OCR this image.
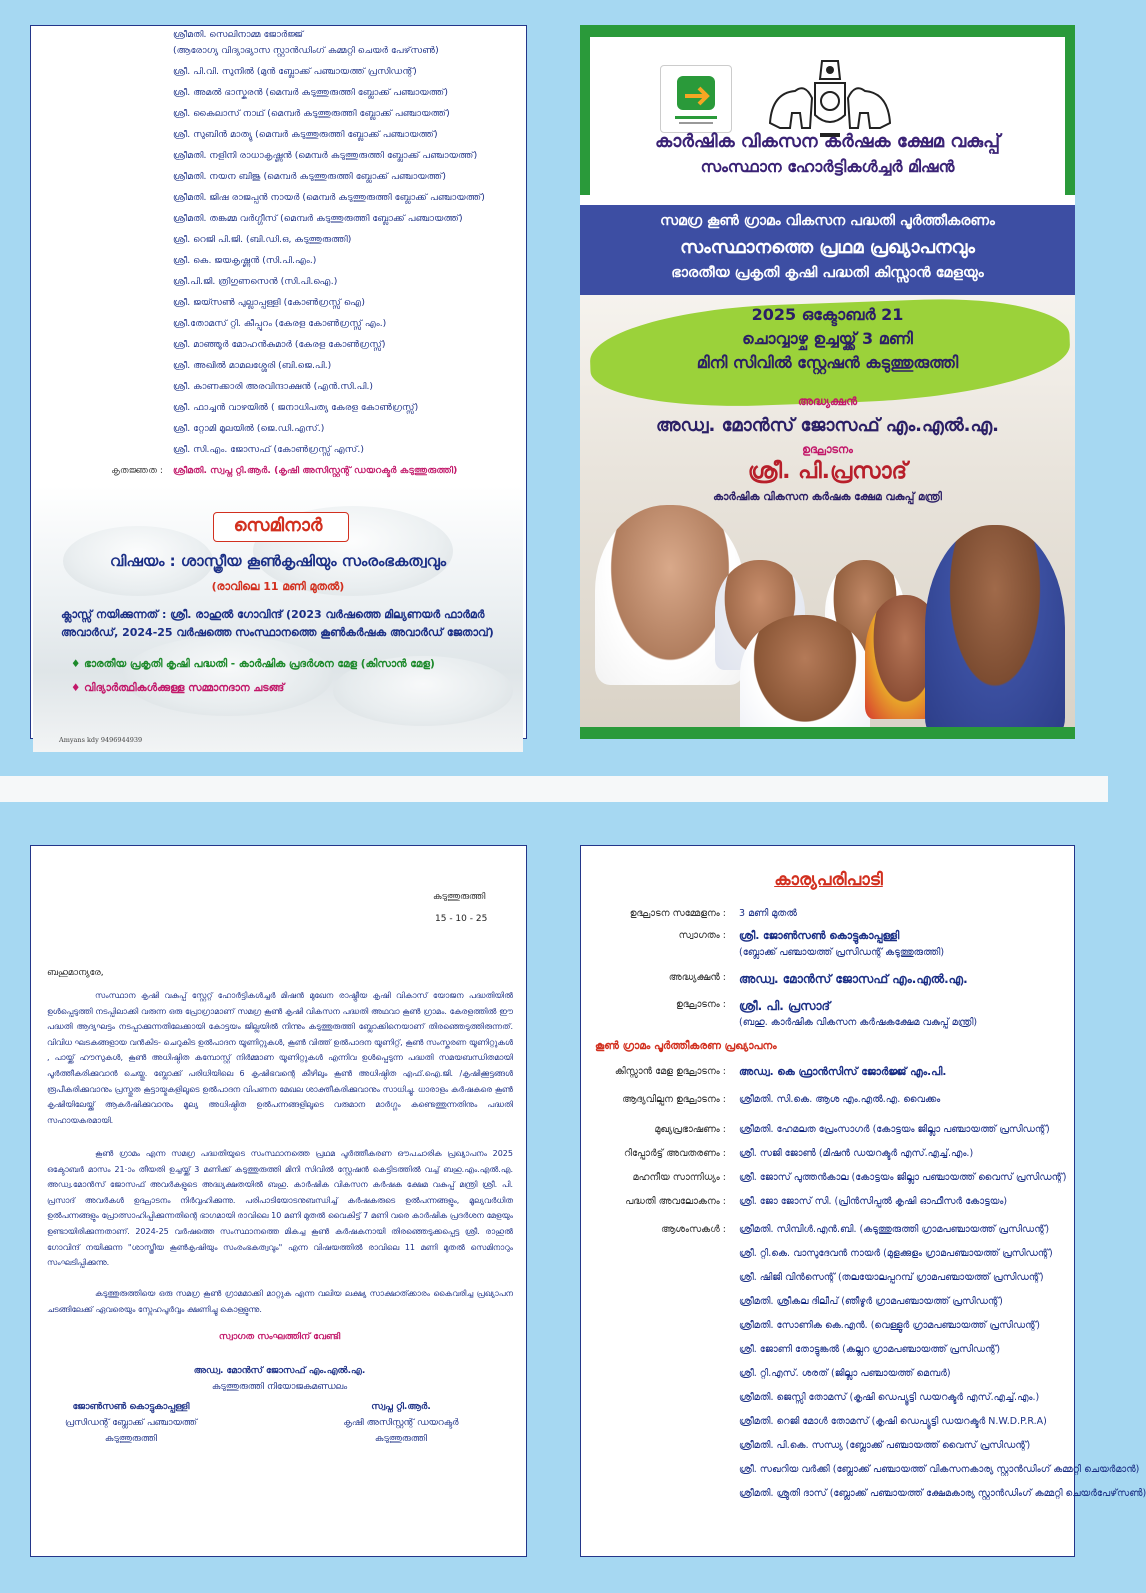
ശ്രീമതി. സെലിനാമ്മ ജോർജ്ജ്
(ആരോഗ്യ വിദ്യാഭ്യാസ സ്റ്റാൻഡിംഗ് കമ്മറ്റി ചെയർ പേഴ്‌സൺ)
ശ്രീ. പി.വി. സുനിൽ (മുൻ ബ്ലോക്ക് പഞ്ചായത്ത് പ്രസിഡന്റ്)
ശ്രീ. അമൽ ഭാസ്കരൻ (മെമ്പർ കടുത്തുരുത്തി ബ്ലോക്ക് പഞ്ചായത്ത്)
ശ്രീ. കൈലാസ് നാഥ് (മെമ്പർ കടുത്തുരുത്തി ബ്ലോക്ക് പഞ്ചായത്ത്)
ശ്രീ. സുബിൻ മാത്യു (മെമ്പർ കടുത്തുരുത്തി ബ്ലോക്ക് പഞ്ചായത്ത്)
ശ്രീമതി. നളിനി രാധാകൃഷ്ണൻ (മെമ്പർ കടുത്തുരുത്തി ബ്ലോക്ക് പഞ്ചായത്ത്)
ശ്രീമതി. നയന ബിജു (മെമ്പർ കടുത്തുരുത്തി ബ്ലോക്ക് പഞ്ചായത്ത്)
ശ്രീമതി. ജിഷ രാജപ്പൻ നായർ (മെമ്പർ കടുത്തുരുത്തി ബ്ലോക്ക് പഞ്ചായത്ത്)
ശ്രീമതി. തങ്കമ്മ വർഗ്ഗീസ് (മെമ്പർ കടുത്തുരുത്തി ബ്ലോക്ക് പഞ്ചായത്ത്)
ശ്രീ. റെജി പി.ജി. (ബി.ഡി.ഒ, കടുത്തുരുത്തി)
ശ്രീ. കെ. ജയകൃഷ്ണൻ (സി.പി.എം.)
ശ്രീ.പി.ജി. ത്രിഗുണസെൻ (സി.പി.ഐ.)
ശ്രീ. ജയ്സൺ പുല്ലാപ്പള്ളി (കോൺഗ്രസ്സ് ഐ)
ശ്രീ.തോമസ് റ്റി. കീപ്പുറം (കേരള കോൺഗ്രസ്സ് എം.)
ശ്രീ. മാഞ്ഞൂർ മോഹൻകുമാർ (കേരള കോൺഗ്രസ്സ്)
ശ്രീ. അഖിൽ മാമലശ്ശേരി (ബി.ജെ.പി.)
ശ്രീ. കാണക്കാരി അരവിന്ദാക്ഷൻ (എൻ.സി.പി.)
ശ്രീ. ഫാച്ചൻ വാഴയിൽ ( ജനാധിപത്യ കേരള കോൺഗ്രസ്സ്)
ശ്രീ. റ്റോമി മൂലയിൽ (ജെ.ഡി.എസ്.)
ശ്രീ. സി.എം. ജോസഫ് (കോൺഗ്രസ്സ് എസ്.)
കൃതജ്ഞത : ശ്രീമതി. സ്വപ്ന റ്റി.ആർ. (കൃഷി അസിസ്റ്റന്റ് ഡയറക്ടർ കടുത്തുരുത്തി)
സെമിനാർ
വിഷയം : ശാസ്ത്രീയ കൂൺകൃഷിയും സംരംഭകത്വവും
(രാവിലെ 11 മണി മുതൽ)
ക്ലാസ്സ് നയിക്കുന്നത് : ശ്രീ. രാഹുൽ ഗോവിന്ദ് (2023 വർഷത്തെ മില്യണയർ ഫാർമർ
അവാർഡ്, 2024-25 വർഷത്തെ സംസ്ഥാനത്തെ കൂൺകർഷക അവാർഡ് ജേതാവ്)
♦ ഭാരതീയ പ്രകൃതി കൃഷി പദ്ധതി - കാർഷിക പ്രദർശന മേള (കിസാൻ മേള)
♦ വിദ്യാർത്ഥികൾക്കുള്ള സമ്മാനദാന ചടങ്ങ്
Amyans kdy 9496944939
കാർഷിക വികസന കർഷക ക്ഷേമ വകുപ്പ്
സംസ്ഥാന ഹോർട്ടികൾച്ചർ മിഷൻ
സമഗ്ര കൂൺ ഗ്രാമം വികസന പദ്ധതി പൂർത്തീകരണം
സംസ്ഥാനത്തെ പ്രഥമ പ്രഖ്യാപനവും
ഭാരതീയ പ്രകൃതി കൃഷി പദ്ധതി കിസ്സാൻ മേളയും
2025 ഒക്ടോബർ 21
ചൊവ്വാഴ്ച ഉച്ചയ്ക്ക് 3 മണി
മിനി സിവിൽ സ്റ്റേഷൻ കടുത്തുരുത്തി
അദ്ധ്യക്ഷൻ
അഡ്വ. മോൻസ് ജോസഫ് എം.എൽ.എ.
ഉദ്ഘാടനം
ശ്രീ. പി.പ്രസാദ്
കാർഷിക വികസന കർഷക ക്ഷേമ വകുപ്പ് മന്ത്രി
കടുത്തുരുത്തി
15 - 10 - 25
ബഹുമാന്യരേ,

സംസ്ഥാന കൃഷി വകുപ്പ് സ്റ്റേറ്റ് ഹോർട്ടികൾച്ചർ മിഷൻ മുഖേന രാഷ്ട്രീയ കൃഷി വികാസ് യോജന പദ്ധതിയിൽ ഉൾപ്പെടുത്തി നടപ്പിലാക്കി വരുന്ന ഒരു പ്രോഗ്രാമാണ് സമഗ്ര കൂൺ കൃഷി വികസന പദ്ധതി അഥവാ കൂൺ ഗ്രാമം. കേരളത്തിൽ ഈ പദ്ധതി ആദ്യഘട്ടം നടപ്പാക്കുന്നതിലേക്കായി കോട്ടയം ജില്ലയിൽ നിന്നും കടുത്തുരുത്തി ബ്ലോക്കിനെയാണ് തിരഞ്ഞെടുത്തിരുന്നത്. വിവിധ ഘടകങ്ങളായ വൻകിട- ചെറുകിട ഉൽപാദന യൂണിറ്റുകൾ, കൂൺ വിത്ത് ഉൽപാദന യൂണിറ്റ്, കൂൺ സംസ്കരണ യൂണിറ്റുകൾ , പായ്ക്ക് ഹൗസുകൾ, കൂൺ അധിഷ്ഠിത കമ്പോസ്റ്റ് നിർമ്മാണ യൂണിറ്റുകൾ എന്നിവ ഉൾപ്പെടുന്ന പദ്ധതി സമയബന്ധിതമായി പൂർത്തീകരിക്കുവാൻ ചെയ്തു. ബ്ലോക്ക് പരിധിയിലെ 6 കൃഷിഭവന്റെ കീഴിലും കൂൺ അധിഷ്ഠിത എഫ്.ഐ.ജി. /കൃഷിക്കൂട്ടങ്ങൾ രൂപീകരിക്കുവാനും പ്രസ്തുത കൂട്ടായ്മകളിലൂടെ ഉൽപാദന വിപണന മേഖല ശാക്തീകരിക്കുവാനും സാധിച്ചു. ധാരാളം കർഷകരെ കൂൺ കൃഷിയിലേയ്ക്ക് ആകർഷിക്കുവാനും മൂല്യ അധിഷ്ഠിത ഉൽപന്നങ്ങളിലൂടെ വരുമാന മാർഗ്ഗം കണ്ടെത്തുന്നതിനും പദ്ധതി സഹായകരമായി.

കൂൺ ഗ്രാമം എന്ന സമഗ്ര പദ്ധതിയുടെ സംസ്ഥാനത്തെ പ്രഥമ പൂർത്തീകരണ ഔപചാരിക പ്രഖ്യാപനം 2025 ഒക്ടോബർ മാസം 21-ാം തീയതി ഉച്ചയ്ക്ക് 3 മണിക്ക് കടുത്തുരുത്തി മിനി സിവിൽ സ്റ്റേഷൻ കെട്ടിടത്തിൽ വച്ച് ബഹു.എം.എൽ.എ. അഡ്വ.മോൻസ് ജോസഫ് അവർകളുടെ അദ്ധ്യക്ഷതയിൽ ബഹു. കാർഷിക വികസന കർഷക ക്ഷേമ വകുപ്പ് മന്ത്രി ശ്രീ. പി. പ്രസാദ് അവർകൾ ഉദ്ഘാടനം നിർവ്വഹിക്കുന്നു. പരിപാടിയോടനുബന്ധിച്ച് കർഷകരുടെ ഉൽപന്നങ്ങളും, മൂല്യവർധിത ഉൽപന്നങ്ങളും പ്രോത്സാഹിപ്പിക്കുന്നതിന്റെ ഭാഗമായി രാവിലെ 10 മണി മുതൽ വൈകിട്ട് 7 മണി വരെ കാർഷിക പ്രദർശന മേളയും ഉണ്ടായിരിക്കുന്നതാണ്. 2024-25 വർഷത്തെ സംസ്ഥാനത്തെ മികച്ച കൂൺ കർഷകനായി തിരഞ്ഞെടുക്കപ്പെട്ട ശ്രീ. രാഹുൽ ഗോവിന്ദ് നയിക്കുന്ന "ശാസ്ത്രീയ കൂൺകൃഷിയും സംരംഭകത്വവും" എന്ന വിഷയത്തിൽ രാവിലെ 11 മണി മുതൽ സെമിനാറും സംഘടിപ്പിക്കുന്നു.

കടുത്തുരുത്തിയെ ഒരു സമഗ്ര കൂൺ ഗ്രാമമാക്കി മാറ്റുക എന്ന വലിയ ലക്ഷ്യ സാക്ഷാത്ക്കാരം കൈവരിച്ച പ്രഖ്യാപന ചടങ്ങിലേക്ക് ഏവരെയും സ്നേഹപൂർവ്വം ക്ഷണിച്ചു കൊള്ളുന്നു.

സ്വാഗത സംഘത്തിന് വേണ്ടി
അഡ്വ. മോൻസ് ജോസഫ് എം.എൽ.എ.
കടുത്തുരുത്തി നിയോജകമണ്ഡലം
ജോൺസൺ കൊട്ടുകാപ്പള്ളി
പ്രസിഡന്റ് ബ്ലോക്ക് പഞ്ചായത്ത്
കടുത്തുരുത്തി
സ്വപ്ന റ്റി.ആർ.
കൃഷി അസിസ്റ്റന്റ് ഡയറക്ടർ
കടുത്തുരുത്തി
കാര്യപരിപാടി
ഉദ്ഘാടന സമ്മേളനം : 3 മണി മുതൽ
സ്വാഗതം : ശ്രീ. ജോൺസൺ കൊട്ടുകാപ്പള്ളി
(ബ്ലോക്ക് പഞ്ചായത്ത് പ്രസിഡന്റ് കടുത്തുരുത്തി)
അദ്ധ്യക്ഷൻ : അഡ്വ. മോൻസ് ജോസഫ് എം.എൽ.എ.
ഉദ്ഘാടനം : ശ്രീ. പി. പ്രസാദ്
(ബഹു. കാർഷിക വികസന കർഷകക്ഷേമ വകുപ്പ് മന്ത്രി)
കൂൺ ഗ്രാമം പൂർത്തീകരണ പ്രഖ്യാപനം
കിസ്സാൻ മേള ഉദ്ഘാടനം : അഡ്വ. കെ ഫ്രാൻസിസ് ജോർജ്ജ് എം.പി.
ആദ്യവില്പന ഉദ്ഘാടനം : ശ്രീമതി. സി.കെ. ആശ എം.എൽ.എ. വൈക്കം
മുഖ്യപ്രഭാഷണം : ശ്രീമതി. ഹേമലത പ്രേംസാഗർ (കോട്ടയം ജില്ലാ പഞ്ചായത്ത് പ്രസിഡന്റ്)
റിപ്പോർട്ട് അവതരണം : ശ്രീ. സജി ജോൺ (മിഷൻ ഡയറക്ടർ എസ്.എച്ച്.എം.)
മഹനീയ സാന്നിധ്യം : ശ്രീ. ജോസ് പുത്തൻകാല (കോട്ടയം ജില്ലാ പഞ്ചായത്ത് വൈസ് പ്രസിഡന്റ്)
പദ്ധതി അവലോകനം : ശ്രീ. ജോ ജോസ് സി. (പ്രിൻസിപ്പൽ കൃഷി ഓഫീസർ കോട്ടയം)
ആശംസകൾ : ശ്രീമതി. സിമ്പിൾ.എൻ.ബി. (കടുത്തുരുത്തി ഗ്രാമപഞ്ചായത്ത് പ്രസിഡന്റ്)
ശ്രീ. റ്റി.കെ. വാസുദേവൻ നായർ (മുളക്കുളം ഗ്രാമപഞ്ചായത്ത് പ്രസിഡന്റ്)
ശ്രീ. ഷിജി വിൻസെന്റ് (തലയോലപ്പറമ്പ് ഗ്രാമപഞ്ചായത്ത് പ്രസിഡന്റ്)
ശ്രീമതി. ശ്രീകല ദിലീപ് (ഞീഴൂർ ഗ്രാമപഞ്ചായത്ത് പ്രസിഡന്റ്)
ശ്രീമതി. സോണിക കെ.എൻ. (വെള്ളൂർ ഗ്രാമപഞ്ചായത്ത് പ്രസിഡന്റ്)
ശ്രീ. ജോണി തോട്ടുങ്കൽ (കല്ലറ ഗ്രാമപഞ്ചായത്ത് പ്രസിഡന്റ്)
ശ്രീ. റ്റി.എസ്. ശരത് (ജില്ലാ പഞ്ചായത്ത് മെമ്പർ)
ശ്രീമതി. ജെസ്സി തോമസ് (കൃഷി ഡെപ്യൂട്ടി ഡയറക്ടർ എസ്.എച്ച്.എം.)
ശ്രീമതി. റെജി മോൾ തോമസ് (കൃഷി ഡെപ്യൂട്ടി ഡയറക്ടർ N.W.D.P.R.A)
ശ്രീമതി. പി.കെ. സന്ധ്യ (ബ്ലോക്ക് പഞ്ചായത്ത് വൈസ് പ്രസിഡന്റ്)
ശ്രീ. സഖറിയ വർക്കി (ബ്ലോക്ക് പഞ്ചായത്ത് വികസനകാര്യ സ്റ്റാൻഡിംഗ് കമ്മറ്റി ചെയർമാൻ)
ശ്രീമതി. ശ്രുതി ദാസ് (ബ്ലോക്ക് പഞ്ചായത്ത് ക്ഷേമകാര്യ സ്റ്റാൻഡിംഗ് കമ്മറ്റി ചെയർപേഴ്‌സൺ)
